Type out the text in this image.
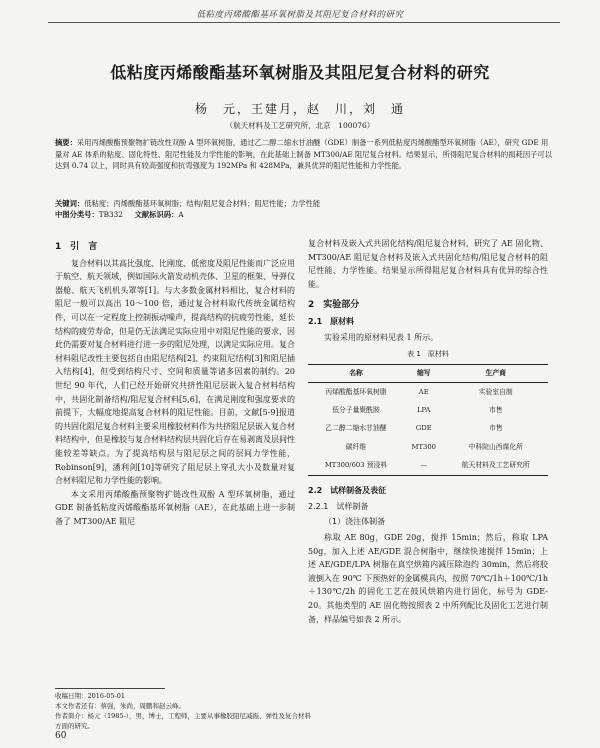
低粘度丙烯酸酯基环氧树脂及其阻尼复合材料的研究
低粘度丙烯酸酯基环氧树脂及其阻尼复合材料的研究
杨　元，王建月，赵　川，刘　通
（航天材料及工艺研究所，北京　100076）
摘要：采用丙烯酸酯预聚物扩链改性双酚 A 型环氧树脂，通过乙二醇二缩水甘油醚（GDE）制备一系列低粘度丙烯酸酯型环氧树脂（AE），研究 GDE 用量对 AE 体系的粘度、固化特性、阻尼性能及力学性能的影响，在此基础上制备 MT300/AE 阻尼复合材料。结果显示，所得阻尼复合材料的损耗因子可以达到 0.74 以上，同时具有较高强度和抗弯强度为 192MPa 和 428MPa，兼具优异的阻尼性能和力学性能。
关键词：低粘度；丙烯酸酯基环氧树脂；结构/阻尼复合材料；阻尼性能；力学性能
中图分类号：TB332 文献标识码：A
1　引　言

复合材料以其高比强度、比刚度、低密度及阻尼性能而广泛应用于航空、航天领域，例如国际火箭发动机壳体、卫星的框架、导弹仪器舱、航天飞机机头罩等[1]。与大多数金属材料相比，复合材料的阻尼一般可以高出 10～100 倍，通过复合材料取代传统金属结构件，可以在一定程度上控制振动噪声，提高结构的抗疲劳性能，延长结构的疲劳寿命，但是仍无法满足实际应用中对阻尼性能的要求，因此仍需要对复合材料进行进一步的阻尼处理，以满足实际应用。复合材料阻尼改性主要包括自由阻尼结构[2]、约束阻尼结构[3]和阻尼插入结构[4]，但受到结构尺寸、空间和质量等诸多因素的制约。20 世纪 90 年代，人们已经开始研究共挤性阻尼层嵌入复合材料结构中，共固化制备结构/阻尼复合材料[5,6]，在满足刚度和强度要求的前提下，大幅度地提高复合材料的阻尼性能。目前，文献[5-9]报道的共固化阻尼复合材料主要采用橡胶材料作为共挤阻尼层嵌入复合材料结构中，但是橡胶与复合材料结构层共固化后存在易剥离及层间性能较差等缺点。为了提高结构层与阻尼层之间的层间力学性能，Robinson[9]，潘利剑[10]等研究了阻尼层上穿孔大小及数量对复合材料阻尼和力学性能的影响。

本文采用丙烯酸酯预聚物扩链改性双酚 A 型环氧树脂，通过 GDE 制备低粘度丙烯酸酯基环氧树脂（AE），在此基础上进一步制备了 MT300/AE 阻尼

复合材料及嵌入式共固化结构/阻尼复合材料，研究了 AE 固化物、MT300/AE 阻尼复合材料及嵌入式共固化结构/阻尼复合材料的阻尼性能、力学性能。结果显示所得阻尼复合材料具有优异的综合性能。

2　实验部分
2.1　原材料

实验采用的原材料见表 1 所示。

表 1　原材料
名称	缩写	生产商
丙烯酸酯基环氧树脂	AE	实验室自制
低分子量聚酰胺	LPA	市售
乙二醇二缩水甘油醚	GDE	市售
碳纤维	MT300	中科院山西煤化所
MT300/603 预浸料	—	航天材料及工艺研究所
2.2　试样制备及表征
2.2.1　试样制备
（1）浇注体制备

称取 AE 80g，GDE 20g，搅拌 15min；然后，称取 LPA 50g，加入上述 AE/GDE 混合树脂中，继续快速搅拌 15min；上述 AE/GDE/LPA 树脂在真空烘箱内减压除泡约 30min，然后将胶液倒入在 90℃ 下预热好的金属模具内，按照 70℃/1h＋100℃/1h＋130℃/2h 的固化工艺在鼓风烘箱内进行固化，标号为 GDE-20。其他类型的 AE 固化物按照表 2 中所列配比及固化工艺进行制备，样品编号如表 2 所示。

收稿日期：2016-05-01
本文作者还有：蔡强，朱尚，周鹏和赵云峰。
作者简介：杨元（1985-），男，博士，工程师，主要从事橡胶阻尼减振、弹性及复合材料方面的研究。
60
